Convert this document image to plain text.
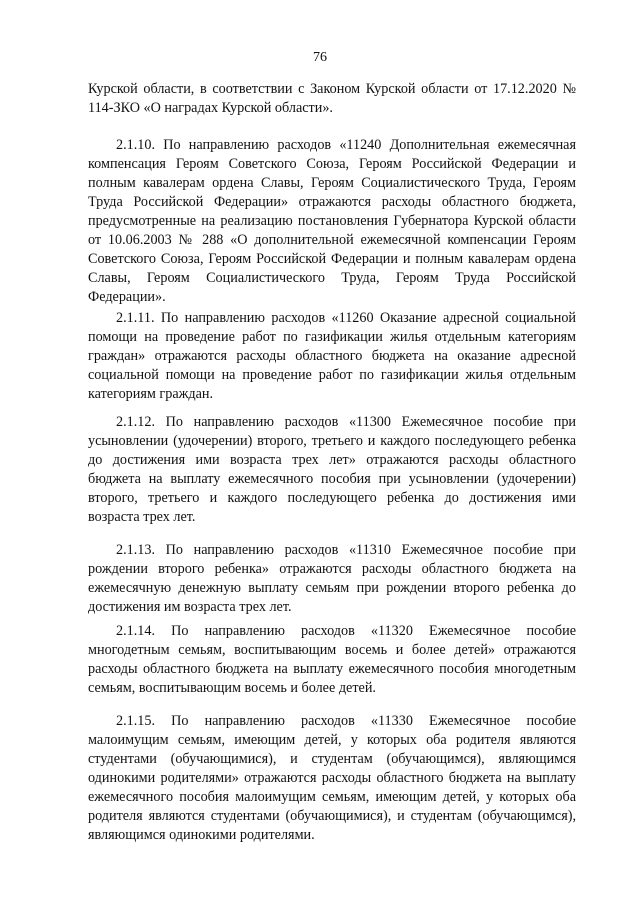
76

Курской области, в соответствии с Законом Курской области от 17.12.2020 № 114-ЗКО «О наградах Курской области».

2.1.10. По направлению расходов «11240 Дополнительная ежемесячная компенсация Героям Советского Союза, Героям Российской Федерации и полным кавалерам ордена Славы, Героям Социалистического Труда, Героям Труда Российской Федерации» отражаются расходы областного бюджета, предусмотренные на реализацию постановления Губернатора Курской области от 10.06.2003 № 288 «О дополнительной ежемесячной компенсации Героям Советского Союза, Героям Российской Федерации и полным кавалерам ордена Славы, Героям Социалистического Труда, Героям Труда Российской Федерации».

2.1.11. По направлению расходов «11260 Оказание адресной социальной помощи на проведение работ по газификации жилья отдельным категориям граждан» отражаются расходы областного бюджета на оказание адресной социальной помощи на проведение работ по газификации жилья отдельным категориям граждан.

2.1.12. По направлению расходов «11300 Ежемесячное пособие при усыновлении (удочерении) второго, третьего и каждого последующего ребенка до достижения ими возраста трех лет» отражаются расходы областного бюджета на выплату ежемесячного пособия при усыновлении (удочерении) второго, третьего и каждого последующего ребенка до достижения ими возраста трех лет.

2.1.13. По направлению расходов «11310 Ежемесячное пособие при рождении второго ребенка» отражаются расходы областного бюджета на ежемесячную денежную выплату семьям при рождении второго ребенка до достижения им возраста трех лет.

2.1.14. По направлению расходов «11320 Ежемесячное пособие многодетным семьям, воспитывающим восемь и более детей» отражаются расходы областного бюджета на выплату ежемесячного пособия многодетным семьям, воспитывающим восемь и более детей.

2.1.15. По направлению расходов «11330 Ежемесячное пособие малоимущим семьям, имеющим детей, у которых оба родителя являются студентами (обучающимися), и студентам (обучающимся), являющимся одинокими родителями» отражаются расходы областного бюджета на выплату ежемесячного пособия малоимущим семьям, имеющим детей, у которых оба родителя являются студентами (обучающимися), и студентам (обучающимся), являющимся одинокими родителями.
